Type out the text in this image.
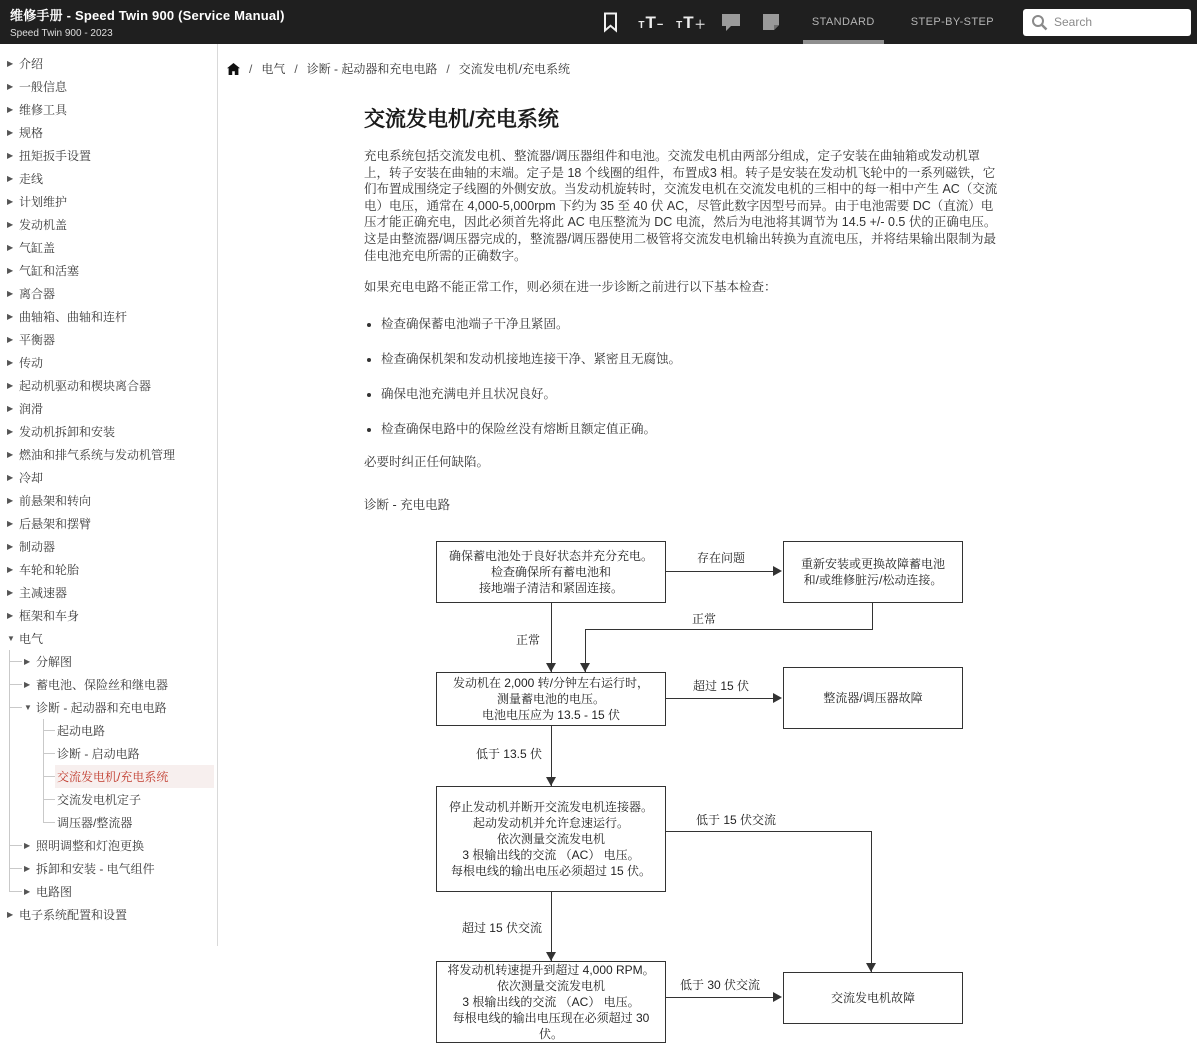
维修手册 - Speed Twin 900 (Service Manual)
Speed Twin 900 - 2023
T T − T T ＋	STANDARD	STEP-BY-STEP
Search
▶ 介绍
▶ 一般信息
▶ 维修工具
▶ 规格
▶ 扭矩扳手设置
▶ 走线
▶ 计划维护
▶ 发动机盖
▶ 气缸盖
▶ 气缸和活塞
▶ 离合器
▶ 曲轴箱、曲轴和连杆
▶ 平衡器
▶ 传动
▶ 起动机驱动和楔块离合器
▶ 润滑
▶ 发动机拆卸和安装
▶ 燃油和排气系统与发动机管理
▶ 冷却
▶ 前悬架和转向
▶ 后悬架和摆臂
▶ 制动器
▶ 车轮和轮胎
▶ 主减速器
▶ 框架和车身
▼ 电气
▶ 分解图
▶ 蓄电池、保险丝和继电器
▼ 诊断 - 起动器和充电电路
起动电路
诊断 - 启动电路
交流发电机/充电系统
交流发电机定子
调压器/整流器
▶ 照明调整和灯泡更换
▶ 拆卸和安装 - 电气组件
▶ 电路图
▶ 电子系统配置和设置
/ 电气 / 诊断 - 起动器和充电电路 / 交流发电机/充电系统
交流发电机/充电系统

充电系统包括交流发电机、整流器/调压器组件和电池。交流发电机由两部分组成，定子安装在曲轴箱或发动机罩上，转子安装在曲轴的末端。定子是 18 个线圈的组件，布置成3 相。转子是安装在发动机飞轮中的一系列磁铁，它们布置成围绕定子线圈的外侧安放。当发动机旋转时，交流发电机在交流发电机的三相中的每一相中产生 AC（交流电）电压，通常在 4,000-5,000rpm 下约为 35 至 40 伏 AC，尽管此数字因型号而异。由于电池需要 DC（直流）电压才能正确充电，因此必须首先将此 AC 电压整流为 DC 电流，然后为电池将其调节为 14.5 +/- 0.5 伏的正确电压。这是由整流器/调压器完成的，整流器/调压器使用二极管将交流发电机输出转换为直流电压，并将结果输出限制为最佳电池充电所需的正确数字。

如果充电电路不能正常工作，则必须在进一步诊断之前进行以下基本检查：

• 检查确保蓄电池端子干净且紧固。
• 检查确保机架和发动机接地连接干净、紧密且无腐蚀。
• 确保电池充满电并且状况良好。
• 检查确保电路中的保险丝没有熔断且额定值正确。

必要时纠正任何缺陷。

诊断 - 充电电路
确保蓄电池处于良好状态并充分充电。
检查确保所有蓄电池和
接地端子清洁和紧固连接。
重新安装或更换故障蓄电池
和/或维修脏污/松动连接。
发动机在 2,000 转/分钟左右运行时，
测量蓄电池的电压。
电池电压应为 13.5 - 15 伏
整流器/调压器故障
停止发动机并断开交流发电机连接器。
起动发动机并允许怠速运行。
依次测量交流发电机
3 根输出线的交流 （AC） 电压。
每根电线的输出电压必须超过 15 伏。
将发动机转速提升到超过 4,000 RPM。
依次测量交流发电机
3 根输出线的交流 （AC） 电压。
每根电线的输出电压现在必须超过 30 伏。
交流发电机故障
存在问题
正常
正常
超过 15 伏
低于 13.5 伏
低于 15 伏交流
超过 15 伏交流
低于 30 伏交流
